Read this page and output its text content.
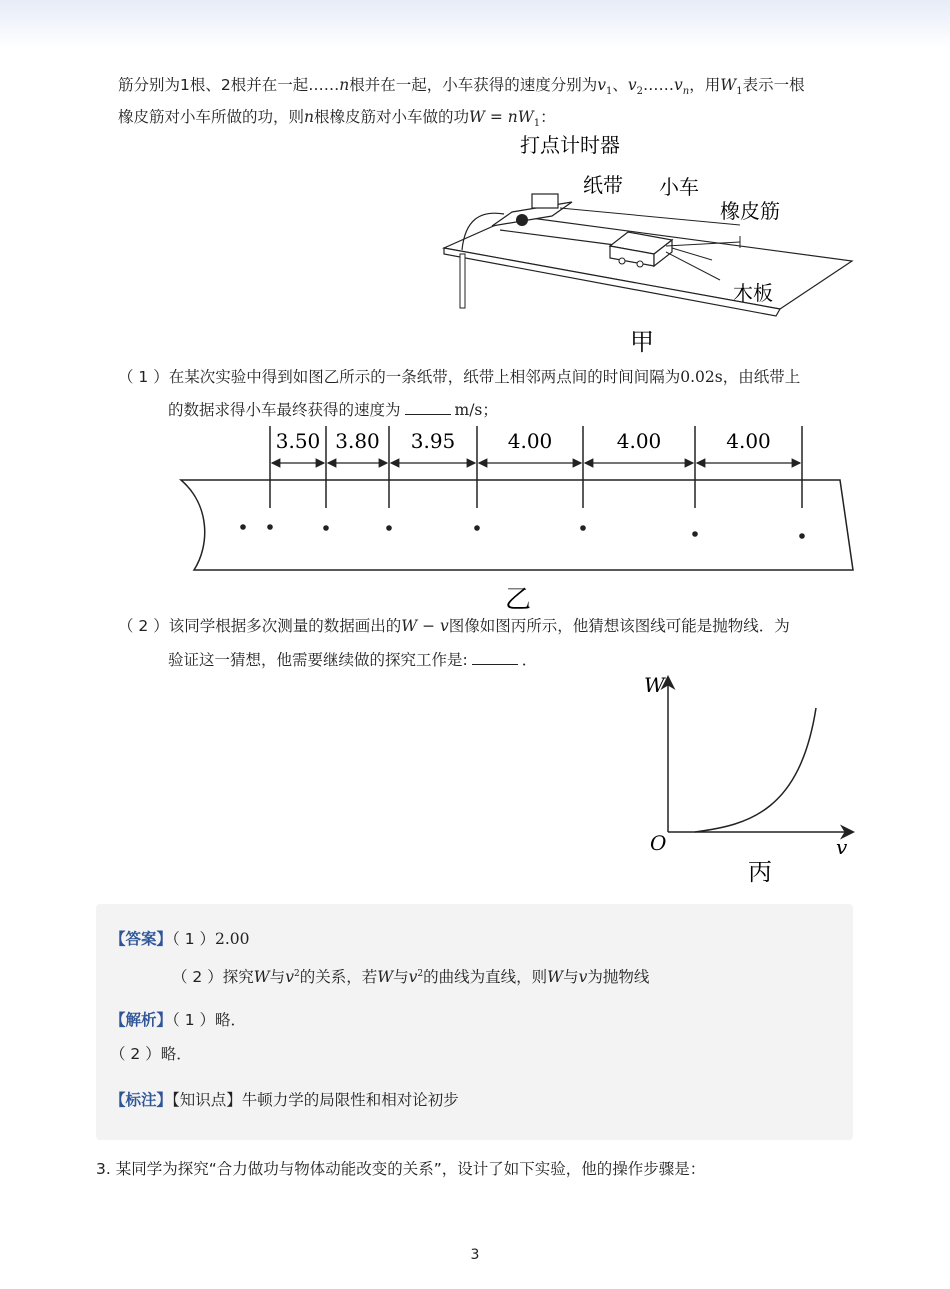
筋分别为1根、2根并在一起……n根并在一起，小车获得的速度分别为$v_1$、$v_2\dots\dots v_n$，用$W_1$表示一根
橡皮筋对小车所做的功，则n根橡皮筋对小车做的功$W = nW_1$：
打点计时器
纸带 小车
橡皮筋
木板
甲
（ 1 ）在某次实验中得到如图乙所示的一条纸带，纸带上相邻两点间的时间间隔为0.02s，由纸带上
的数据求得小车最终获得的速度为	m/s；
3.50 3.80 3.95	4.00	4.00	4.00
乙
（ 2 ）该同学根据多次测量的数据画出的W − v图像如图丙所示，他猜想该图线可能是抛物线．为
验证这一猜想，他需要继续做的探究工作是:	．
W
O	v
丙
【答案】（ 1 ）2.00
（ 2 ）探究W与$v^2$的关系，若W与$v^2$的曲线为直线，则W与v为抛物线
【解析】（ 1 ）略．
（ 2 ）略．
【标注】【知识点】牛顿力学的局限性和相对论初步
3. 某同学为探究“合力做功与物体动能改变的关系”，设计了如下实验，他的操作步骤是：
3
